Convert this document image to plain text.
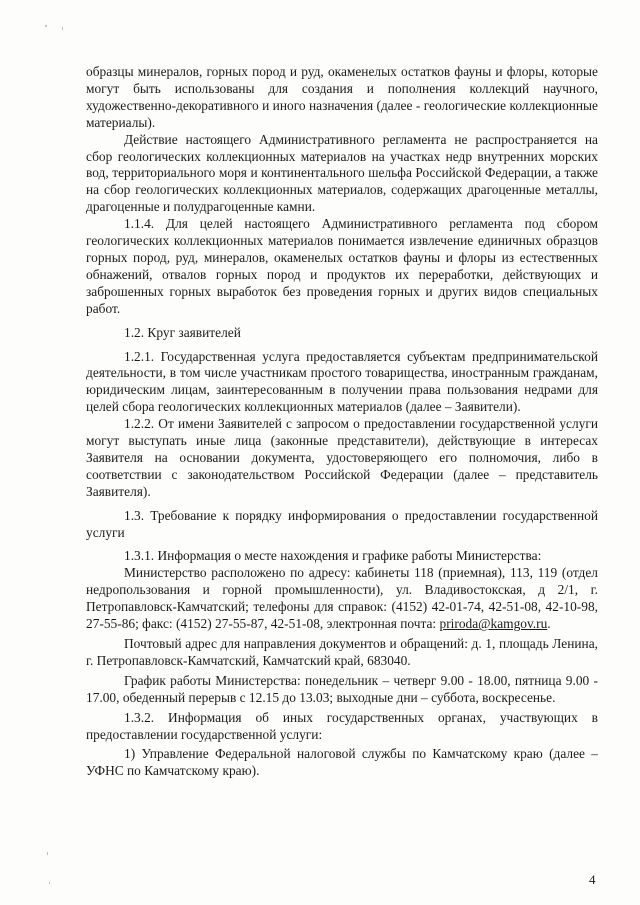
образцы минералов, горных пород и руд, окаменелых остатков фауны и флоры, которые могут быть использованы для создания и пополнения коллекций научного, художественно-декоративного и иного назначения (далее - геологические коллекционные материалы).

Действие настоящего Административного регламента не распространяется на сбор геологических коллекционных материалов на участках недр внутренних морских вод, территориального моря и континентального шельфа Российской Федерации, а также на сбор геологических коллекционных материалов, содержащих драгоценные металлы, драгоценные и полудрагоценные камни.

1.1.4. Для целей настоящего Административного регламента под сбором геологических коллекционных материалов понимается извлечение единичных образцов горных пород, руд, минералов, окаменелых остатков фауны и флоры из естественных обнажений, отвалов горных пород и продуктов их переработки, действующих и заброшенных горных выработок без проведения горных и других видов специальных работ.

1.2. Круг заявителей

1.2.1. Государственная услуга предоставляется субъектам предпринимательской деятельности, в том числе участникам простого товарищества, иностранным гражданам, юридическим лицам, заинтересованным в получении права пользования недрами для целей сбора геологических коллекционных материалов (далее – Заявители).

1.2.2. От имени Заявителей с запросом о предоставлении государственной услуги могут выступать иные лица (законные представители), действующие в интересах Заявителя на основании документа, удостоверяющего его полномочия, либо в соответствии с законодательством Российской Федерации (далее – представитель Заявителя).

1.3. Требование к порядку информирования о предоставлении государственной услуги

1.3.1. Информация о месте нахождения и графике работы Министерства:

Министерство расположено по адресу: кабинеты 118 (приемная), 113, 119 (отдел недропользования и горной промышленности), ул. Владивостокская, д 2/1, г. Петропавловск-Камчатский; телефоны для справок: (4152) 42-01-74, 42-51-08, 42-10-98, 27-55-86; факс: (4152) 27-55-87, 42-51-08, электронная почта: priroda@kamgov.ru.

Почтовый адрес для направления документов и обращений: д. 1, площадь Ленина, г. Петропавловск-Камчатский, Камчатский край, 683040.

График работы Министерства: понедельник – четверг 9.00 - 18.00, пятница 9.00 - 17.00, обеденный перерыв с 12.15 до 13.03; выходные дни – суббота, воскресенье.

1.3.2. Информация об иных государственных органах, участвующих в предоставлении государственной услуги:

1) Управление Федеральной налоговой службы по Камчатскому краю (далее – УФНС по Камчатскому краю).

4
